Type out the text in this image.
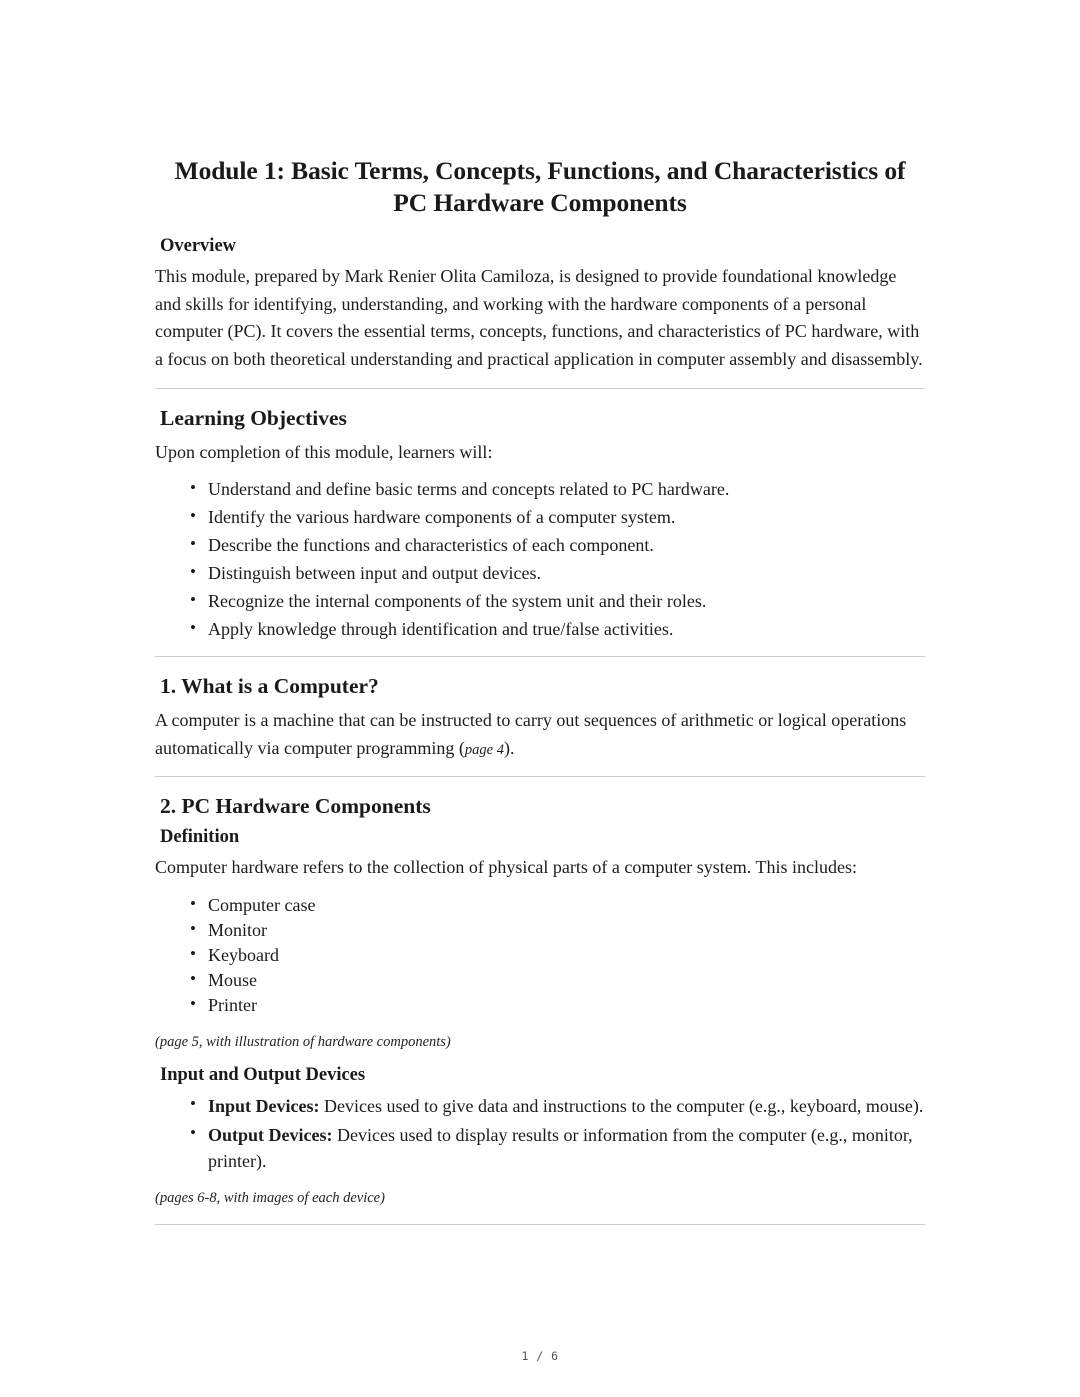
Module 1: Basic Terms, Concepts, Functions, and Characteristics of PC Hardware Components
Overview

This module, prepared by Mark Renier Olita Camiloza, is designed to provide foundational knowledge and skills for identifying, understanding, and working with the hardware components of a personal computer (PC). It covers the essential terms, concepts, functions, and characteristics of PC hardware, with a focus on both theoretical understanding and practical application in computer assembly and disassembly.

Learning Objectives

Upon completion of this module, learners will:

• Understand and define basic terms and concepts related to PC hardware.
• Identify the various hardware components of a computer system.
• Describe the functions and characteristics of each component.
• Distinguish between input and output devices.
• Recognize the internal components of the system unit and their roles.
• Apply knowledge through identification and true/false activities.
1. What is a Computer?

A computer is a machine that can be instructed to carry out sequences of arithmetic or logical operations automatically via computer programming (page 4).

2. PC Hardware Components
Definition

Computer hardware refers to the collection of physical parts of a computer system. This includes:

• Computer case
• Monitor
• Keyboard
• Mouse
• Printer

(page 5, with illustration of hardware components)

Input and Output Devices
• Input Devices: Devices used to give data and instructions to the computer (e.g., keyboard, mouse).
• Output Devices: Devices used to display results or information from the computer (e.g., monitor, printer).

(pages 6-8, with images of each device)

1 / 6
